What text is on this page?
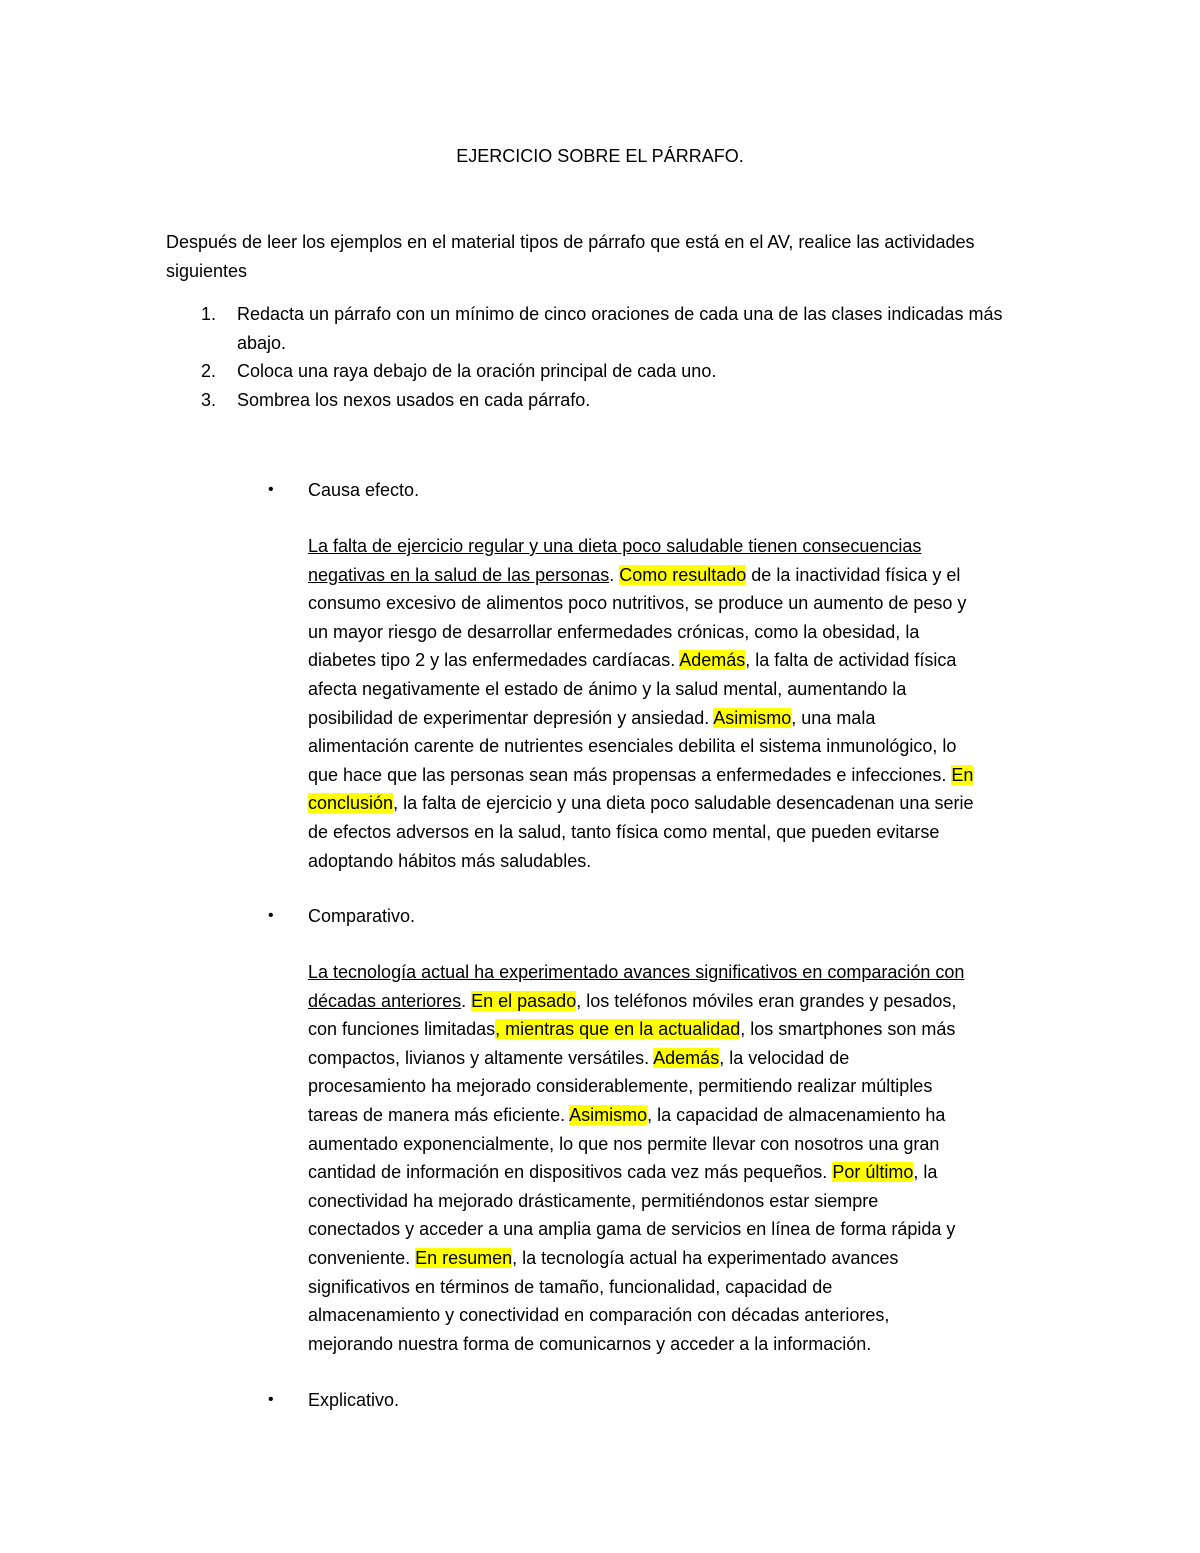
EJERCICIO SOBRE EL PÁRRAFO.
Después de leer los ejemplos en el material tipos de párrafo que está en el AV, realice las actividades siguientes
1. Redacta un párrafo con un mínimo de cinco oraciones de cada una de las clases indicadas más abajo.
2. Coloca una raya debajo de la oración principal de cada uno.
3. Sombrea los nexos usados en cada párrafo.
• Causa efecto.
La falta de ejercicio regular y una dieta poco saludable tienen consecuencias
negativas en la salud de las personas. Como resultado de la inactividad física y el
consumo excesivo de alimentos poco nutritivos, se produce un aumento de peso y
un mayor riesgo de desarrollar enfermedades crónicas, como la obesidad, la
diabetes tipo 2 y las enfermedades cardíacas. Además, la falta de actividad física
afecta negativamente el estado de ánimo y la salud mental, aumentando la
posibilidad de experimentar depresión y ansiedad. Asimismo, una mala
alimentación carente de nutrientes esenciales debilita el sistema inmunológico, lo
que hace que las personas sean más propensas a enfermedades e infecciones. En
conclusión, la falta de ejercicio y una dieta poco saludable desencadenan una serie
de efectos adversos en la salud, tanto física como mental, que pueden evitarse
adoptando hábitos más saludables.
• Comparativo.
La tecnología actual ha experimentado avances significativos en comparación con
décadas anteriores. En el pasado, los teléfonos móviles eran grandes y pesados,
con funciones limitadas, mientras que en la actualidad, los smartphones son más
compactos, livianos y altamente versátiles. Además, la velocidad de
procesamiento ha mejorado considerablemente, permitiendo realizar múltiples
tareas de manera más eficiente. Asimismo, la capacidad de almacenamiento ha
aumentado exponencialmente, lo que nos permite llevar con nosotros una gran
cantidad de información en dispositivos cada vez más pequeños. Por último, la
conectividad ha mejorado drásticamente, permitiéndonos estar siempre
conectados y acceder a una amplia gama de servicios en línea de forma rápida y
conveniente. En resumen, la tecnología actual ha experimentado avances
significativos en términos de tamaño, funcionalidad, capacidad de
almacenamiento y conectividad en comparación con décadas anteriores,
mejorando nuestra forma de comunicarnos y acceder a la información.
• Explicativo.
